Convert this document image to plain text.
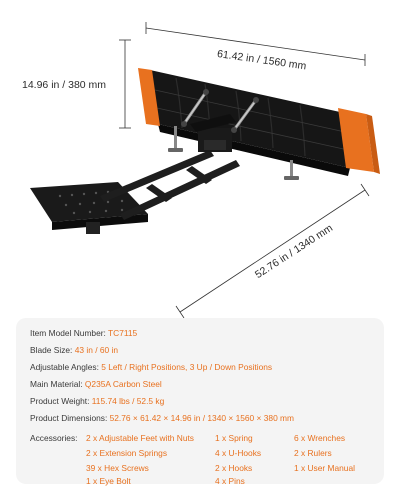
61.42 in / 1560 mm
14.96 in / 380 mm
52.76 in / 1340 mm
Item Model Number: TC7115
Blade Size: 43 in / 60 in
Adjustable Angles: 5 Left / Right Positions, 3 Up / Down Positions
Main Material: Q235A Carbon Steel
Product Weight: 115.74 lbs / 52.5 kg
Product Dimensions: 52.76 × 61.42 × 14.96 in / 1340 × 1560 × 380 mm
Accessories: 2 x Adjustable Feet with Nuts
2 x Extension Springs
39 x Hex Screws
1 x Eye Bolt
1 x Spring
4 x U-Hooks
2 x Hooks
4 x Pins
6 x Wrenches
2 x Rulers
1 x User Manual
